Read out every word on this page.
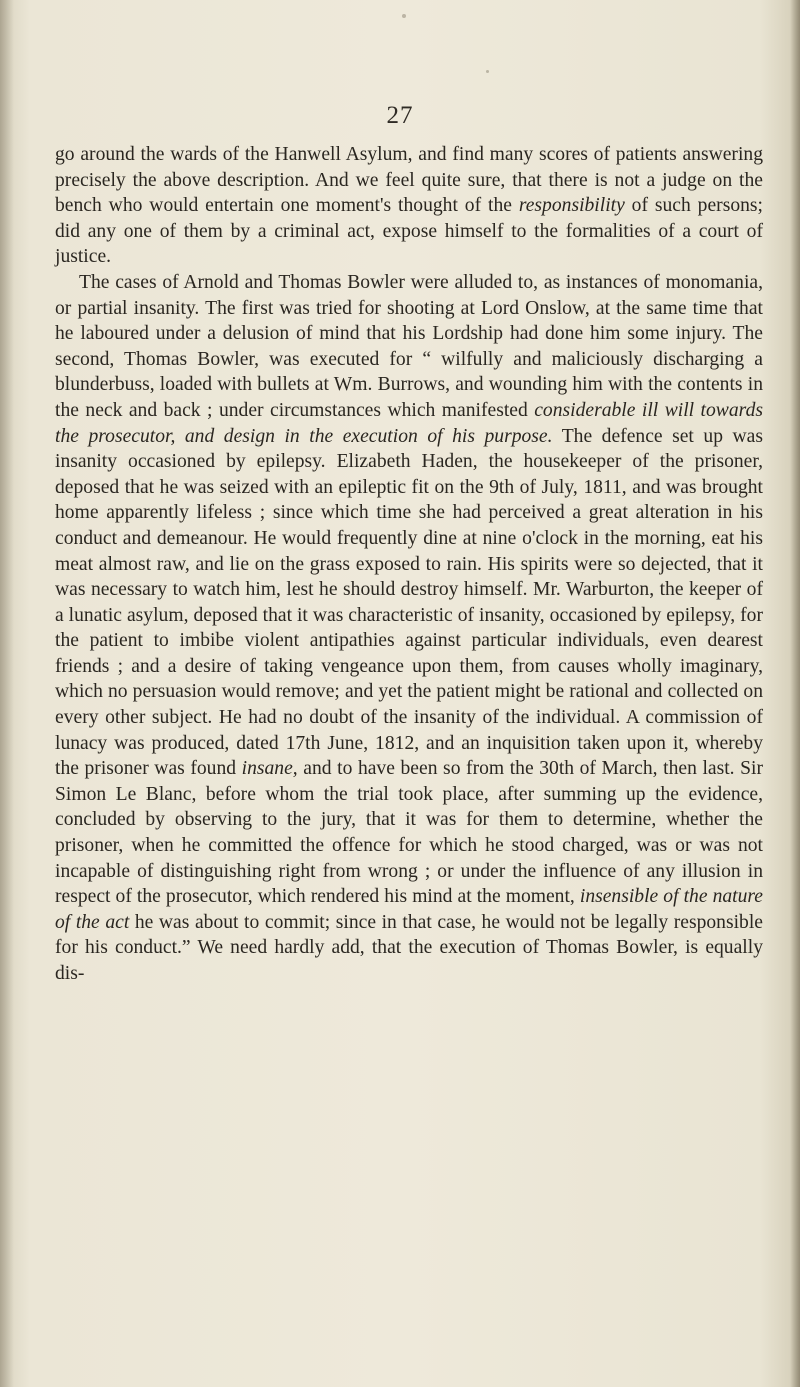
27

go around the wards of the Hanwell Asylum, and find many scores of patients answering precisely the above description. And we feel quite sure, that there is not a judge on the bench who would entertain one moment's thought of the responsibility of such persons; did any one of them by a criminal act, expose himself to the formalities of a court of justice.

The cases of Arnold and Thomas Bowler were alluded to, as instances of monomania, or partial insanity. The first was tried for shooting at Lord Onslow, at the same time that he laboured under a delusion of mind that his Lordship had done him some injury. The second, Thomas Bowler, was executed for “ wilfully and maliciously discharging a blunderbuss, loaded with bullets at Wm. Burrows, and wounding him with the contents in the neck and back ; under circumstances which manifested considerable ill will towards the prosecutor, and design in the execution of his purpose. The defence set up was insanity occasioned by epilepsy. Elizabeth Haden, the housekeeper of the prisoner, deposed that he was seized with an epileptic fit on the 9th of July, 1811, and was brought home apparently lifeless ; since which time she had perceived a great alteration in his conduct and demeanour. He would frequently dine at nine o'clock in the morning, eat his meat almost raw, and lie on the grass exposed to rain. His spirits were so dejected, that it was necessary to watch him, lest he should destroy himself. Mr. Warburton, the keeper of a lunatic asylum, deposed that it was characteristic of insanity, occasioned by epilepsy, for the patient to imbibe violent antipathies against particular individuals, even dearest friends ; and a desire of taking vengeance upon them, from causes wholly imaginary, which no persuasion would remove; and yet the patient might be rational and collected on every other subject. He had no doubt of the insanity of the individual. A commission of lunacy was produced, dated 17th June, 1812, and an inquisition taken upon it, whereby the prisoner was found insane, and to have been so from the 30th of March, then last. Sir Simon Le Blanc, before whom the trial took place, after summing up the evidence, concluded by observing to the jury, that it was for them to determine, whether the prisoner, when he committed the offence for which he stood charged, was or was not incapable of distinguishing right from wrong ; or under the influence of any illusion in respect of the prosecutor, which rendered his mind at the moment, insensible of the nature of the act he was about to commit; since in that case, he would not be legally responsible for his conduct.” We need hardly add, that the execution of Thomas Bowler, is equally dis-
